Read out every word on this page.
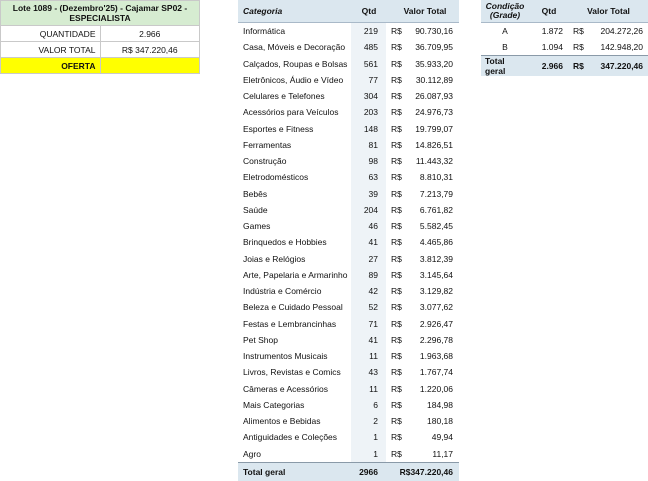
Lote 1089 - (Dezembro'25) - Cajamar SP02 - ESPECIALISTA	
QUANTIDADE	2.966
VALOR TOTAL	R$ 347.220,46
OFERTA	
Categoria	Qtd	Valor Total	
Informática	219	R$	90.730,16
Casa, Móveis e Decoração	485	R$	36.709,95
Calçados, Roupas e Bolsas	561	R$	35.933,20
Eletrônicos, Áudio e Vídeo	77	R$	30.112,89
Celulares e Telefones	304	R$	26.087,93
Acessórios para Veículos	203	R$	24.976,73
Esportes e Fitness	148	R$	19.799,07
Ferramentas	81	R$	14.826,51
Construção	98	R$	11.443,32
Eletrodomésticos	63	R$	8.810,31
Bebês	39	R$	7.213,79
Saúde	204	R$	6.761,82
Games	46	R$	5.582,45
Brinquedos e Hobbies	41	R$	4.465,86
Joias e Relógios	27	R$	3.812,39
Arte, Papelaria e Armarinho	89	R$	3.145,64
Indústria e Comércio	42	R$	3.129,82
Beleza e Cuidado Pessoal	52	R$	3.077,62
Festas e Lembrancinhas	71	R$	2.926,47
Pet Shop	41	R$	2.296,78
Instrumentos Musicais	11	R$	1.963,68
Livros, Revistas e Comics	43	R$	1.767,74
Câmeras e Acessórios	11	R$	1.220,06
Mais Categorias	6	R$	184,98
Alimentos e Bebidas	2	R$	180,18
Antiguidades e Coleções	1	R$	49,94
Agro	1	R$	11,17
Total geral	2966	R$347.220,46	
Condição (Grade)	Qtd	Valor Total	
A	1.872	R$	204.272,26
B	1.094	R$	142.948,20
Total geral	2.966	R$	347.220,46
